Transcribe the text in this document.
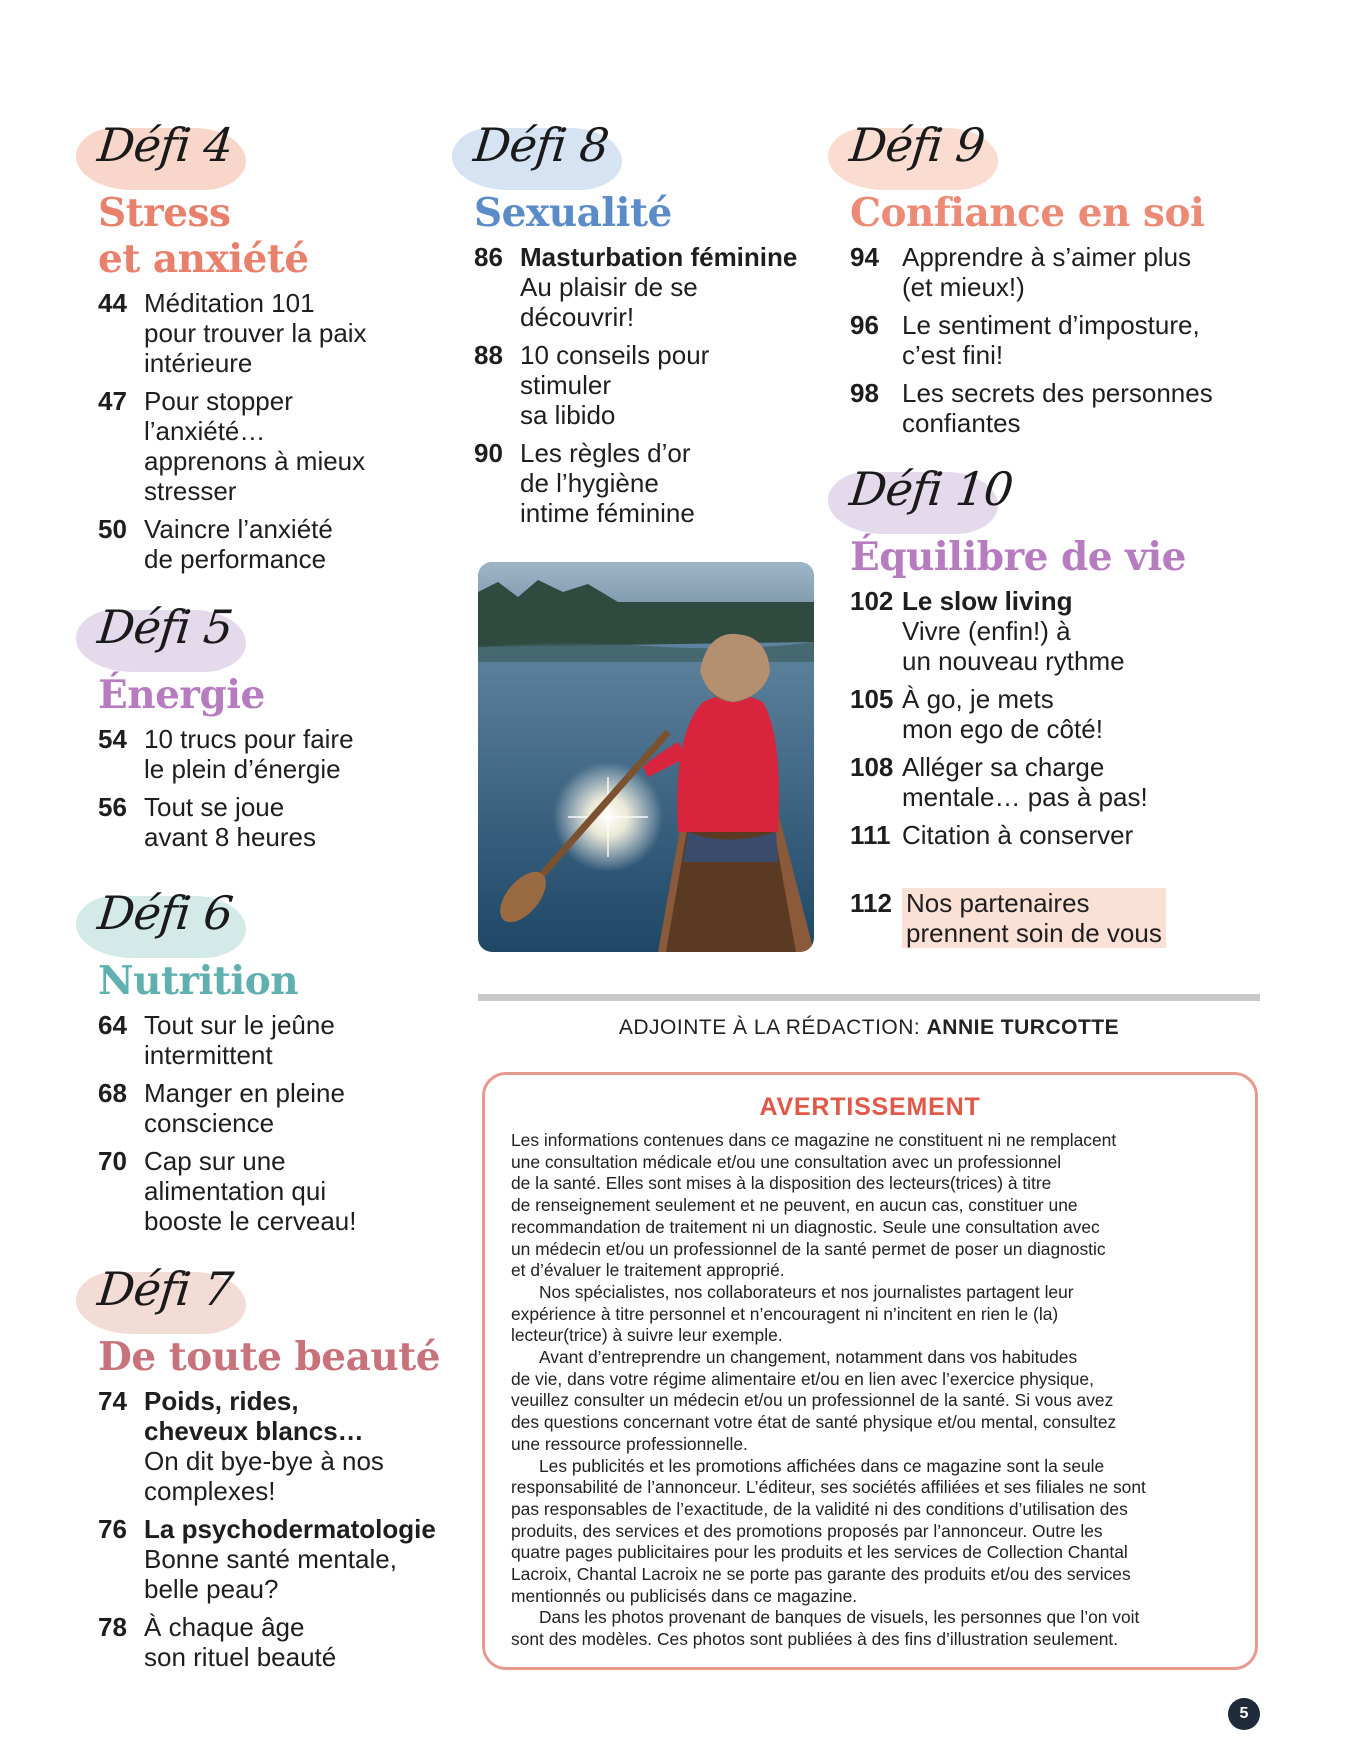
Défi 4
Stress
et anxiété
44 Méditation 101
pour trouver la paix
intérieure
47 Pour stopper
l’anxiété…
apprenons à mieux
stresser
50 Vaincre l’anxiété
de performance
Défi 5
Énergie
54 10 trucs pour faire
le plein d’énergie
56 Tout se joue
avant 8 heures
Défi 6
Nutrition
64 Tout sur le jeûne
intermittent
68 Manger en pleine
conscience
70 Cap sur une
alimentation qui
booste le cerveau!
Défi 7
De toute beauté
74 Poids, rides,
cheveux blancs…
On dit bye-bye à nos
complexes!
76 La psychodermatologie
Bonne santé mentale,
belle peau?
78 À chaque âge
son rituel beauté
Défi 8
Sexualité
86 Masturbation féminine
Au plaisir de se
découvrir!
88 10 conseils pour
stimuler
sa libido
90 Les règles d’or
de l’hygiène
intime féminine
Défi 9
Confiance en soi
94 Apprendre à s’aimer plus
(et mieux!)
96 Le sentiment d’imposture,
c’est fini!
98 Les secrets des personnes
confiantes
Défi 10
Équilibre de vie
102 Le slow living
Vivre (enfin!) à
un nouveau rythme
105 À go, je mets
mon ego de côté!
108 Alléger sa charge
mentale… pas à pas!
111 Citation à conserver
112 Nos partenaires
prennent soin de vous
ADJOINTE À LA RÉDACTION: ANNIE TURCOTTE
AVERTISSEMENT

Les informations contenues dans ce magazine ne constituent ni ne remplacent
une consultation médicale et/ou une consultation avec un professionnel
de la santé. Elles sont mises à la disposition des lecteurs(trices) à titre
de renseignement seulement et ne peuvent, en aucun cas, constituer une
recommandation de traitement ni un diagnostic. Seule une consultation avec
un médecin et/ou un professionnel de la santé permet de poser un diagnostic
et d’évaluer le traitement approprié.

Nos spécialistes, nos collaborateurs et nos journalistes partagent leur
expérience à titre personnel et n’encouragent ni n’incitent en rien le (la)
lecteur(trice) à suivre leur exemple.

Avant d’entreprendre un changement, notamment dans vos habitudes
de vie, dans votre régime alimentaire et/ou en lien avec l’exercice physique,
veuillez consulter un médecin et/ou un professionnel de la santé. Si vous avez
des questions concernant votre état de santé physique et/ou mental, consultez
une ressource professionnelle.

Les publicités et les promotions affichées dans ce magazine sont la seule
responsabilité de l’annonceur. L’éditeur, ses sociétés affiliées et ses filiales ne sont
pas responsables de l’exactitude, de la validité ni des conditions d’utilisation des
produits, des services et des promotions proposés par l’annonceur. Outre les
quatre pages publicitaires pour les produits et les services de Collection Chantal
Lacroix, Chantal Lacroix ne se porte pas garante des produits et/ou des services
mentionnés ou publicisés dans ce magazine.

Dans les photos provenant de banques de visuels, les personnes que l’on voit
sont des modèles. Ces photos sont publiées à des fins d’illustration seulement.

5
